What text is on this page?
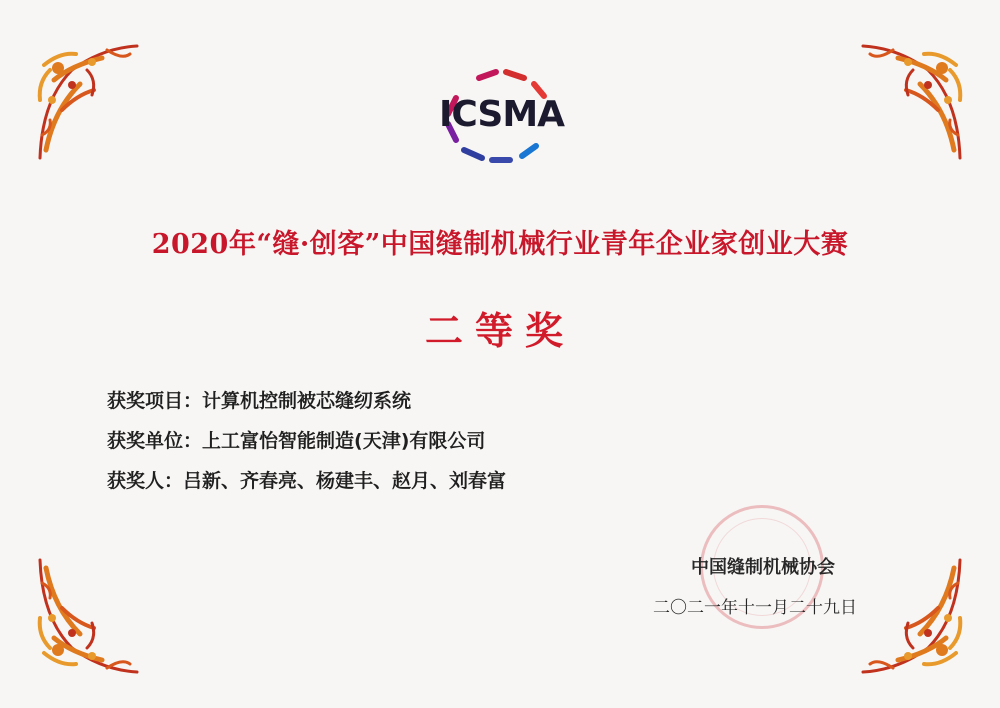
ICSMA
2020年“缝·创客”中国缝制机械行业青年企业家创业大赛
二等奖
获奖项目：计算机控制被芯缝纫系统
获奖单位：上工富怡智能制造(天津)有限公司
获奖人：吕新、齐春亮、杨建丰、赵月、刘春富
中国缝制机械协会
二〇二一年十一月二十九日
